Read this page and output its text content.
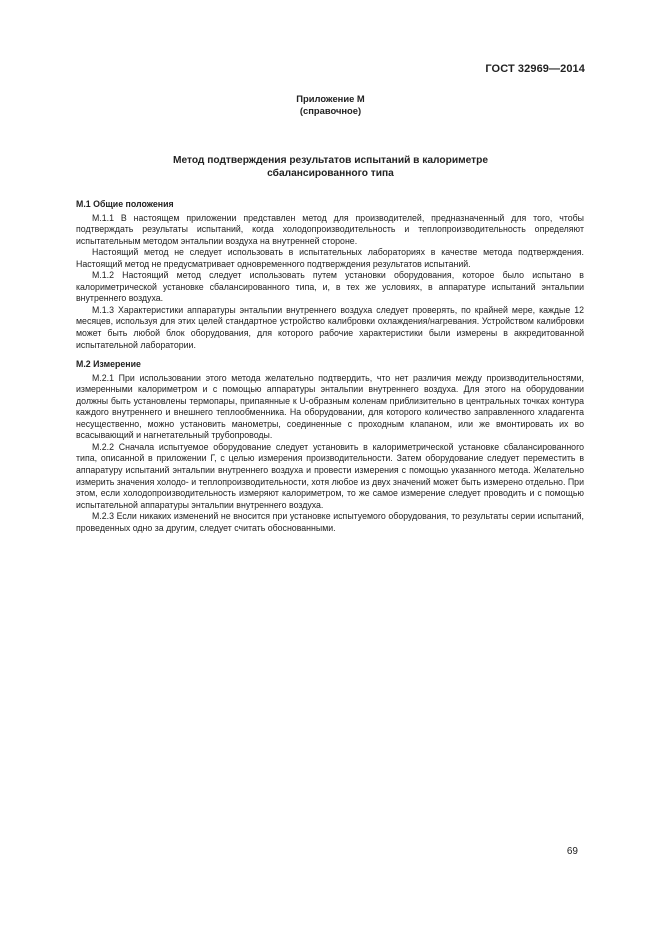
ГОСТ 32969—2014
Приложение М
(справочное)
Метод подтверждения результатов испытаний в калориметре
сбалансированного типа
М.1 Общие положения

М.1.1 В настоящем приложении представлен метод для производителей, предназначенный для того, чтобы подтверждать результаты испытаний, когда холодопроизводительность и теплопроизводительность определяют испытательным методом энтальпии воздуха на внутренней стороне.

Настоящий метод не следует использовать в испытательных лабораториях в качестве метода подтверждения. Настоящий метод не предусматривает одновременного подтверждения результатов испытаний.

М.1.2 Настоящий метод следует использовать путем установки оборудования, которое было испытано в калориметрической установке сбалансированного типа, и, в тех же условиях, в аппаратуре испытаний энтальпии внутреннего воздуха.

М.1.3 Характеристики аппаратуры энтальпии внутреннего воздуха следует проверять, по крайней мере, каждые 12 месяцев, используя для этих целей стандартное устройство калибровки охлаждения/нагревания. Устройством калибровки может быть любой блок оборудования, для которого рабочие характеристики были измерены в аккредитованной испытательной лаборатории.

М.2 Измерение

М.2.1 При использовании этого метода желательно подтвердить, что нет различия между производительностями, измеренными калориметром и с помощью аппаратуры энтальпии внутреннего воздуха. Для этого на оборудовании должны быть установлены термопары, припаянные к U-образным коленам приблизительно в центральных точках контура каждого внутреннего и внешнего теплообменника. На оборудовании, для которого количество заправленного хладагента несущественно, можно установить манометры, соединенные с проходным клапаном, или же вмонтировать их во всасывающий и нагнетательный трубопроводы.

М.2.2 Сначала испытуемое оборудование следует установить в калориметрической установке сбалансированного типа, описанной в приложении Г, с целью измерения производительности. Затем оборудование следует переместить в аппаратуру испытаний энтальпии внутреннего воздуха и провести измерения с помощью указанного метода. Желательно измерить значения холодо- и теплопроизводительности, хотя любое из двух значений может быть измерено отдельно. При этом, если холодопроизводительность измеряют калориметром, то же самое измерение следует проводить и с помощью испытательной аппаратуры энтальпии внутреннего воздуха.

М.2.3 Если никаких изменений не вносится при установке испытуемого оборудования, то результаты серии испытаний, проведенных одно за другим, следует считать обоснованными.

69
